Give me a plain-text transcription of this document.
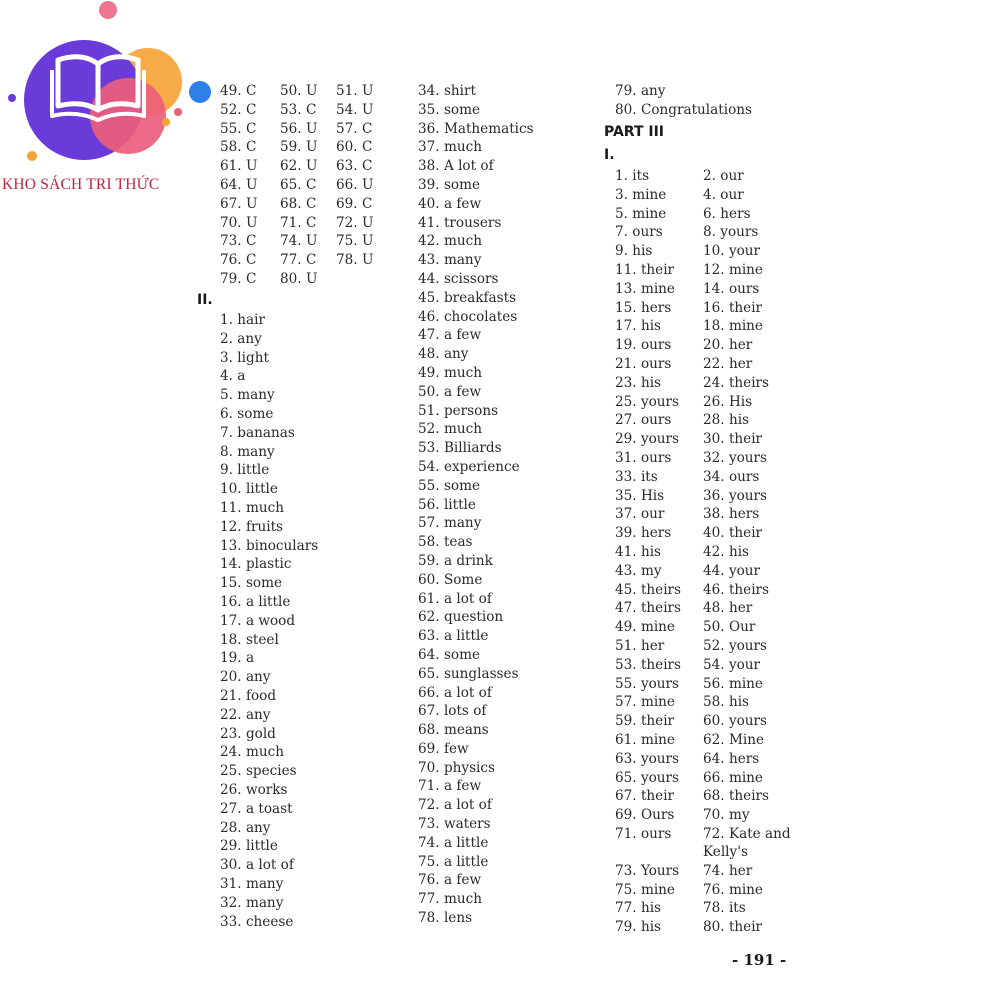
KHO SÁCH TRI THỨC
49. C	50. U	51. U
52. C	53. C	54. U
55. C	56. U	57. C
58. C	59. U	60. C
61. U	62. U	63. C
64. U	65. C	66. U
67. U	68. C	69. C
70. U	71. C	72. U
73. C	74. U	75. U
76. C	77. C	78. U
79. C	80. U
II.
1. hair
2. any
3. light
4. a
5. many
6. some
7. bananas
8. many
9. little
10. little
11. much
12. fruits
13. binoculars
14. plastic
15. some
16. a little
17. a wood
18. steel
19. a
20. any
21. food
22. any
23. gold
24. much
25. species
26. works
27. a toast
28. any
29. little
30. a lot of
31. many
32. many
33. cheese
34. shirt
35. some
36. Mathematics
37. much
38. A lot of
39. some
40. a few
41. trousers
42. much
43. many
44. scissors
45. breakfasts
46. chocolates
47. a few
48. any
49. much
50. a few
51. persons
52. much
53. Billiards
54. experience
55. some
56. little
57. many
58. teas
59. a drink
60. Some
61. a lot of
62. question
63. a little
64. some
65. sunglasses
66. a lot of
67. lots of
68. means
69. few
70. physics
71. a few
72. a lot of
73. waters
74. a little
75. a little
76. a few
77. much
78. lens
79. any
80. Congratulations
PART III
I.
1. its	2. our
3. mine	4. our
5. mine	6. hers
7. ours	8. yours
9. his	10. your
11. their	12. mine
13. mine	14. ours
15. hers	16. their
17. his	18. mine
19. ours	20. her
21. ours	22. her
23. his	24. theirs
25. yours	26. His
27. ours	28. his
29. yours	30. their
31. ours	32. yours
33. its	34. ours
35. His	36. yours
37. our	38. hers
39. hers	40. their
41. his	42. his
43. my	44. your
45. theirs	46. theirs
47. theirs	48. her
49. mine	50. Our
51. her	52. yours
53. theirs	54. your
55. yours	56. mine
57. mine	58. his
59. their	60. yours
61. mine	62. Mine
63. yours	64. hers
65. yours	66. mine
67. their	68. theirs
69. Ours	70. my
71. ours	72. Kate and Kelly's
73. Yours	74. her
75. mine	76. mine
77. his	78. its
79. his	80. their
- 191 -
